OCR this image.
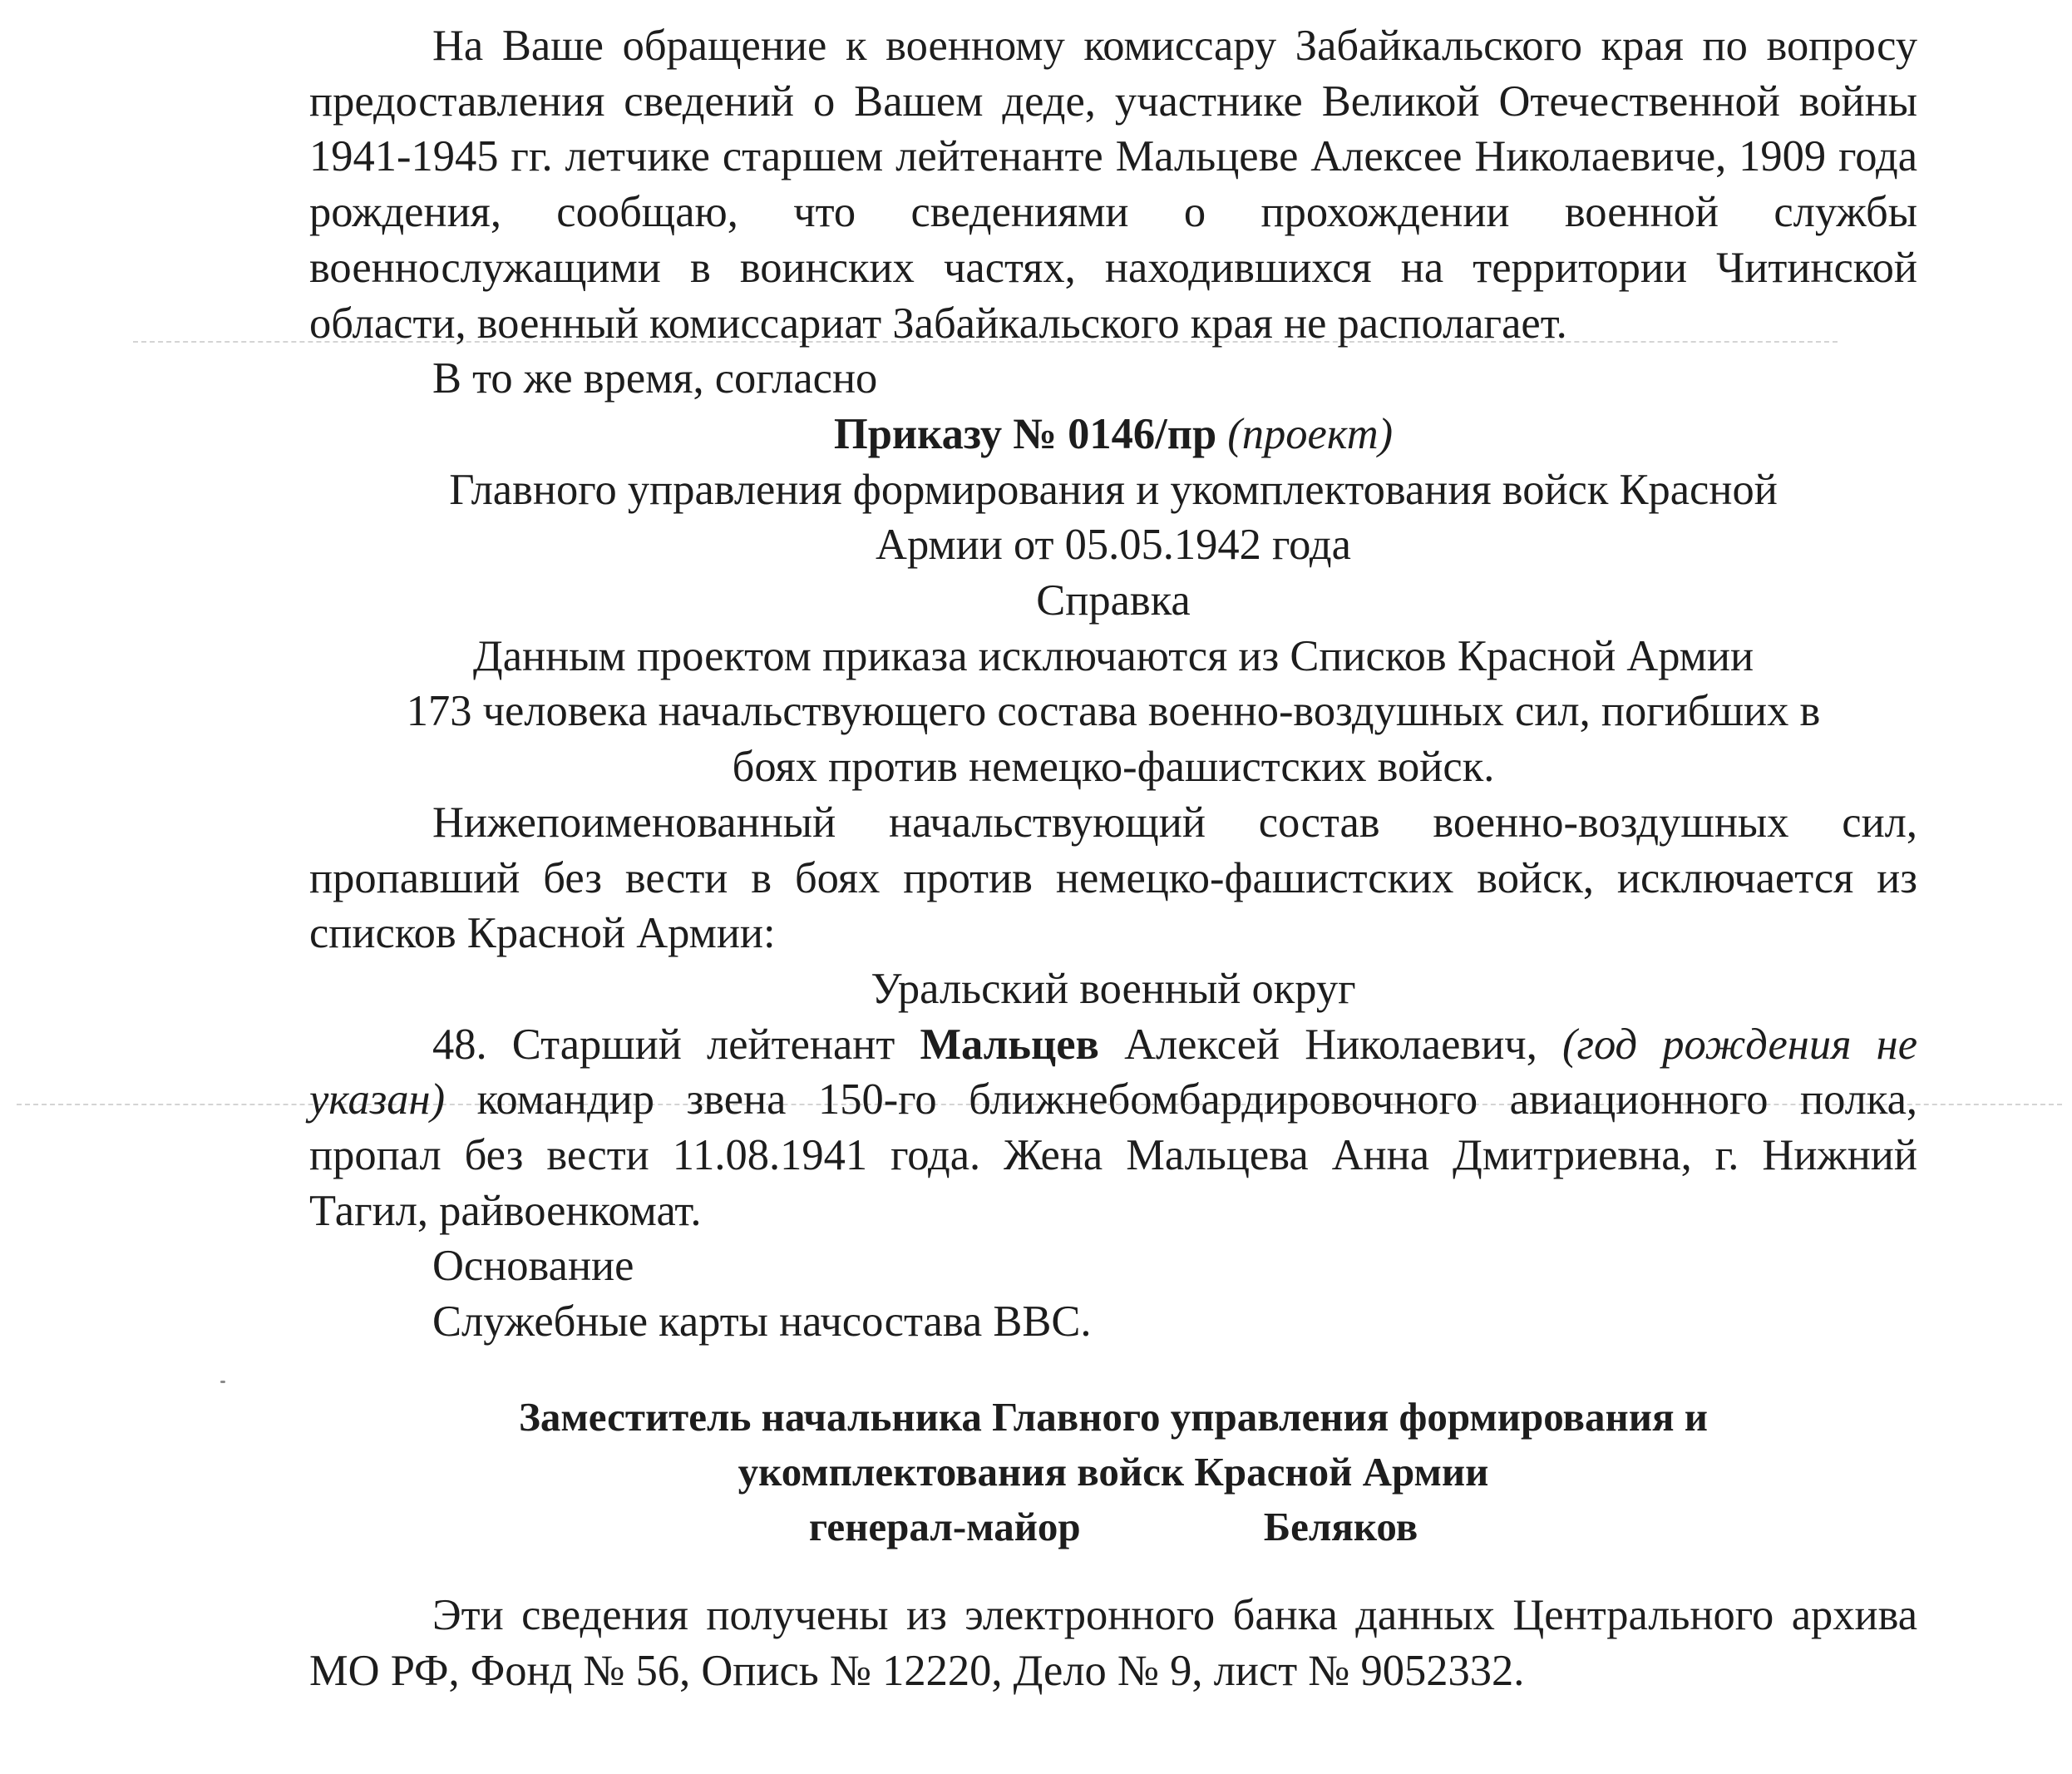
На Ваше обращение к военному комиссару Забайкальского края по вопросу предоставления сведений о Вашем деде, участнике Великой Отечественной войны 1941-1945 гг. летчике старшем лейтенанте Мальцеве Алексее Николаевиче, 1909 года рождения, сообщаю, что сведениями о прохождении военной службы военнослужащими в воинских частях, находившихся на территории Читинской области, военный комиссариат Забайкальского края не располагает.

В то же время, согласно

Приказу № 0146/пр (проект)

Главного управления формирования и укомплектования войск Красной

Армии от 05.05.1942 года

Справка

Данным проектом приказа исключаются из Списков Красной Армии

173 человека начальствующего состава военно-воздушных сил, погибших в

боях против немецко-фашистских войск.

Нижепоименованный начальствующий состав военно-воздушных сил, пропавший без вести в боях против немецко-фашистских войск, исключается из списков Красной Армии:

Уральский военный округ

48. Старший лейтенант Мальцев Алексей Николаевич, (год рождения не указан) командир звена 150-го ближнебомбардировочного авиационного полка, пропал без вести 11.08.1941 года. Жена Мальцева Анна Дмитриевна, г. Нижний Тагил, райвоенкомат.

Основание

Служебные карты начсостава ВВС.

Заместитель начальника Главного управления формирования и

укомплектования войск Красной Армии

генерал-майор	Беляков

Эти сведения получены из электронного банка данных Центрального архива МО РФ, Фонд № 56, Опись № 12220, Дело № 9, лист № 9052332.
